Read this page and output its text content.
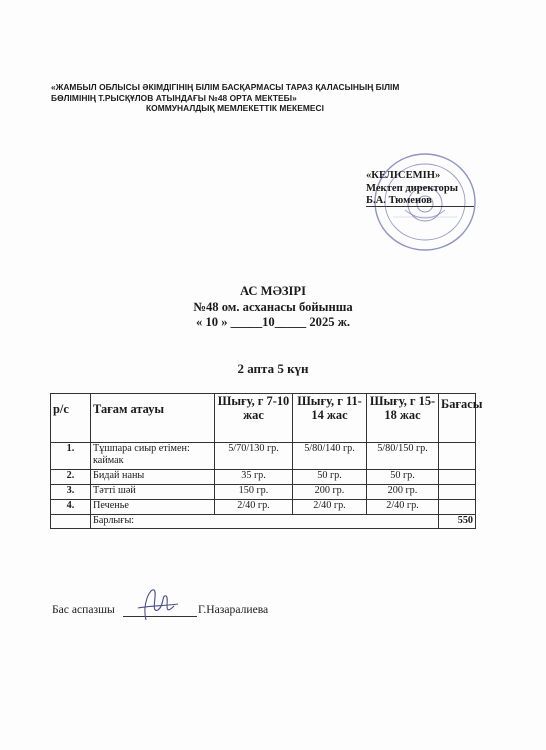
«ЖАМБЫЛ ОБЛЫСЫ ӘКІМДІГІНІҢ БІЛІМ БАСҚАРМАСЫ ТАРАЗ ҚАЛАСЫНЫҢ БІЛІМ
БӨЛІМІНІҢ Т.РЫСҚҰЛОВ АТЫНДАҒЫ №48 ОРТА МЕКТЕБІ»
КОММУНАЛДЫҚ МЕМЛЕКЕТТІК МЕКЕМЕСІ
«КЕЛІСЕМІН»
Мектеп директоры
Б.А. Тюменов
АС МӘЗІРІ
№48 ом. асханасы бойынша
« 10 » _____10_____ 2025 ж.
2 апта 5 күн
р/с	Тағам атауы	Шығу, г 7-10 жас	Шығу, г 11-14 жас	Шығу, г 15-18 жас	Бағасы
1.	Тұшпара сиыр етімен: каймак	5/70/130 гр.	5/80/140 гр.	5/80/150 гр.	
2.	Бидай наны	35 гр.	50 гр.	50 гр.	
3.	Тәтті шәй	150 гр.	200 гр.	200 гр.	
4.	Печенье	2/40 гр.	2/40 гр.	2/40 гр.	
	Барлығы:				550
Бас аспазшы	Г.Назаралиева
